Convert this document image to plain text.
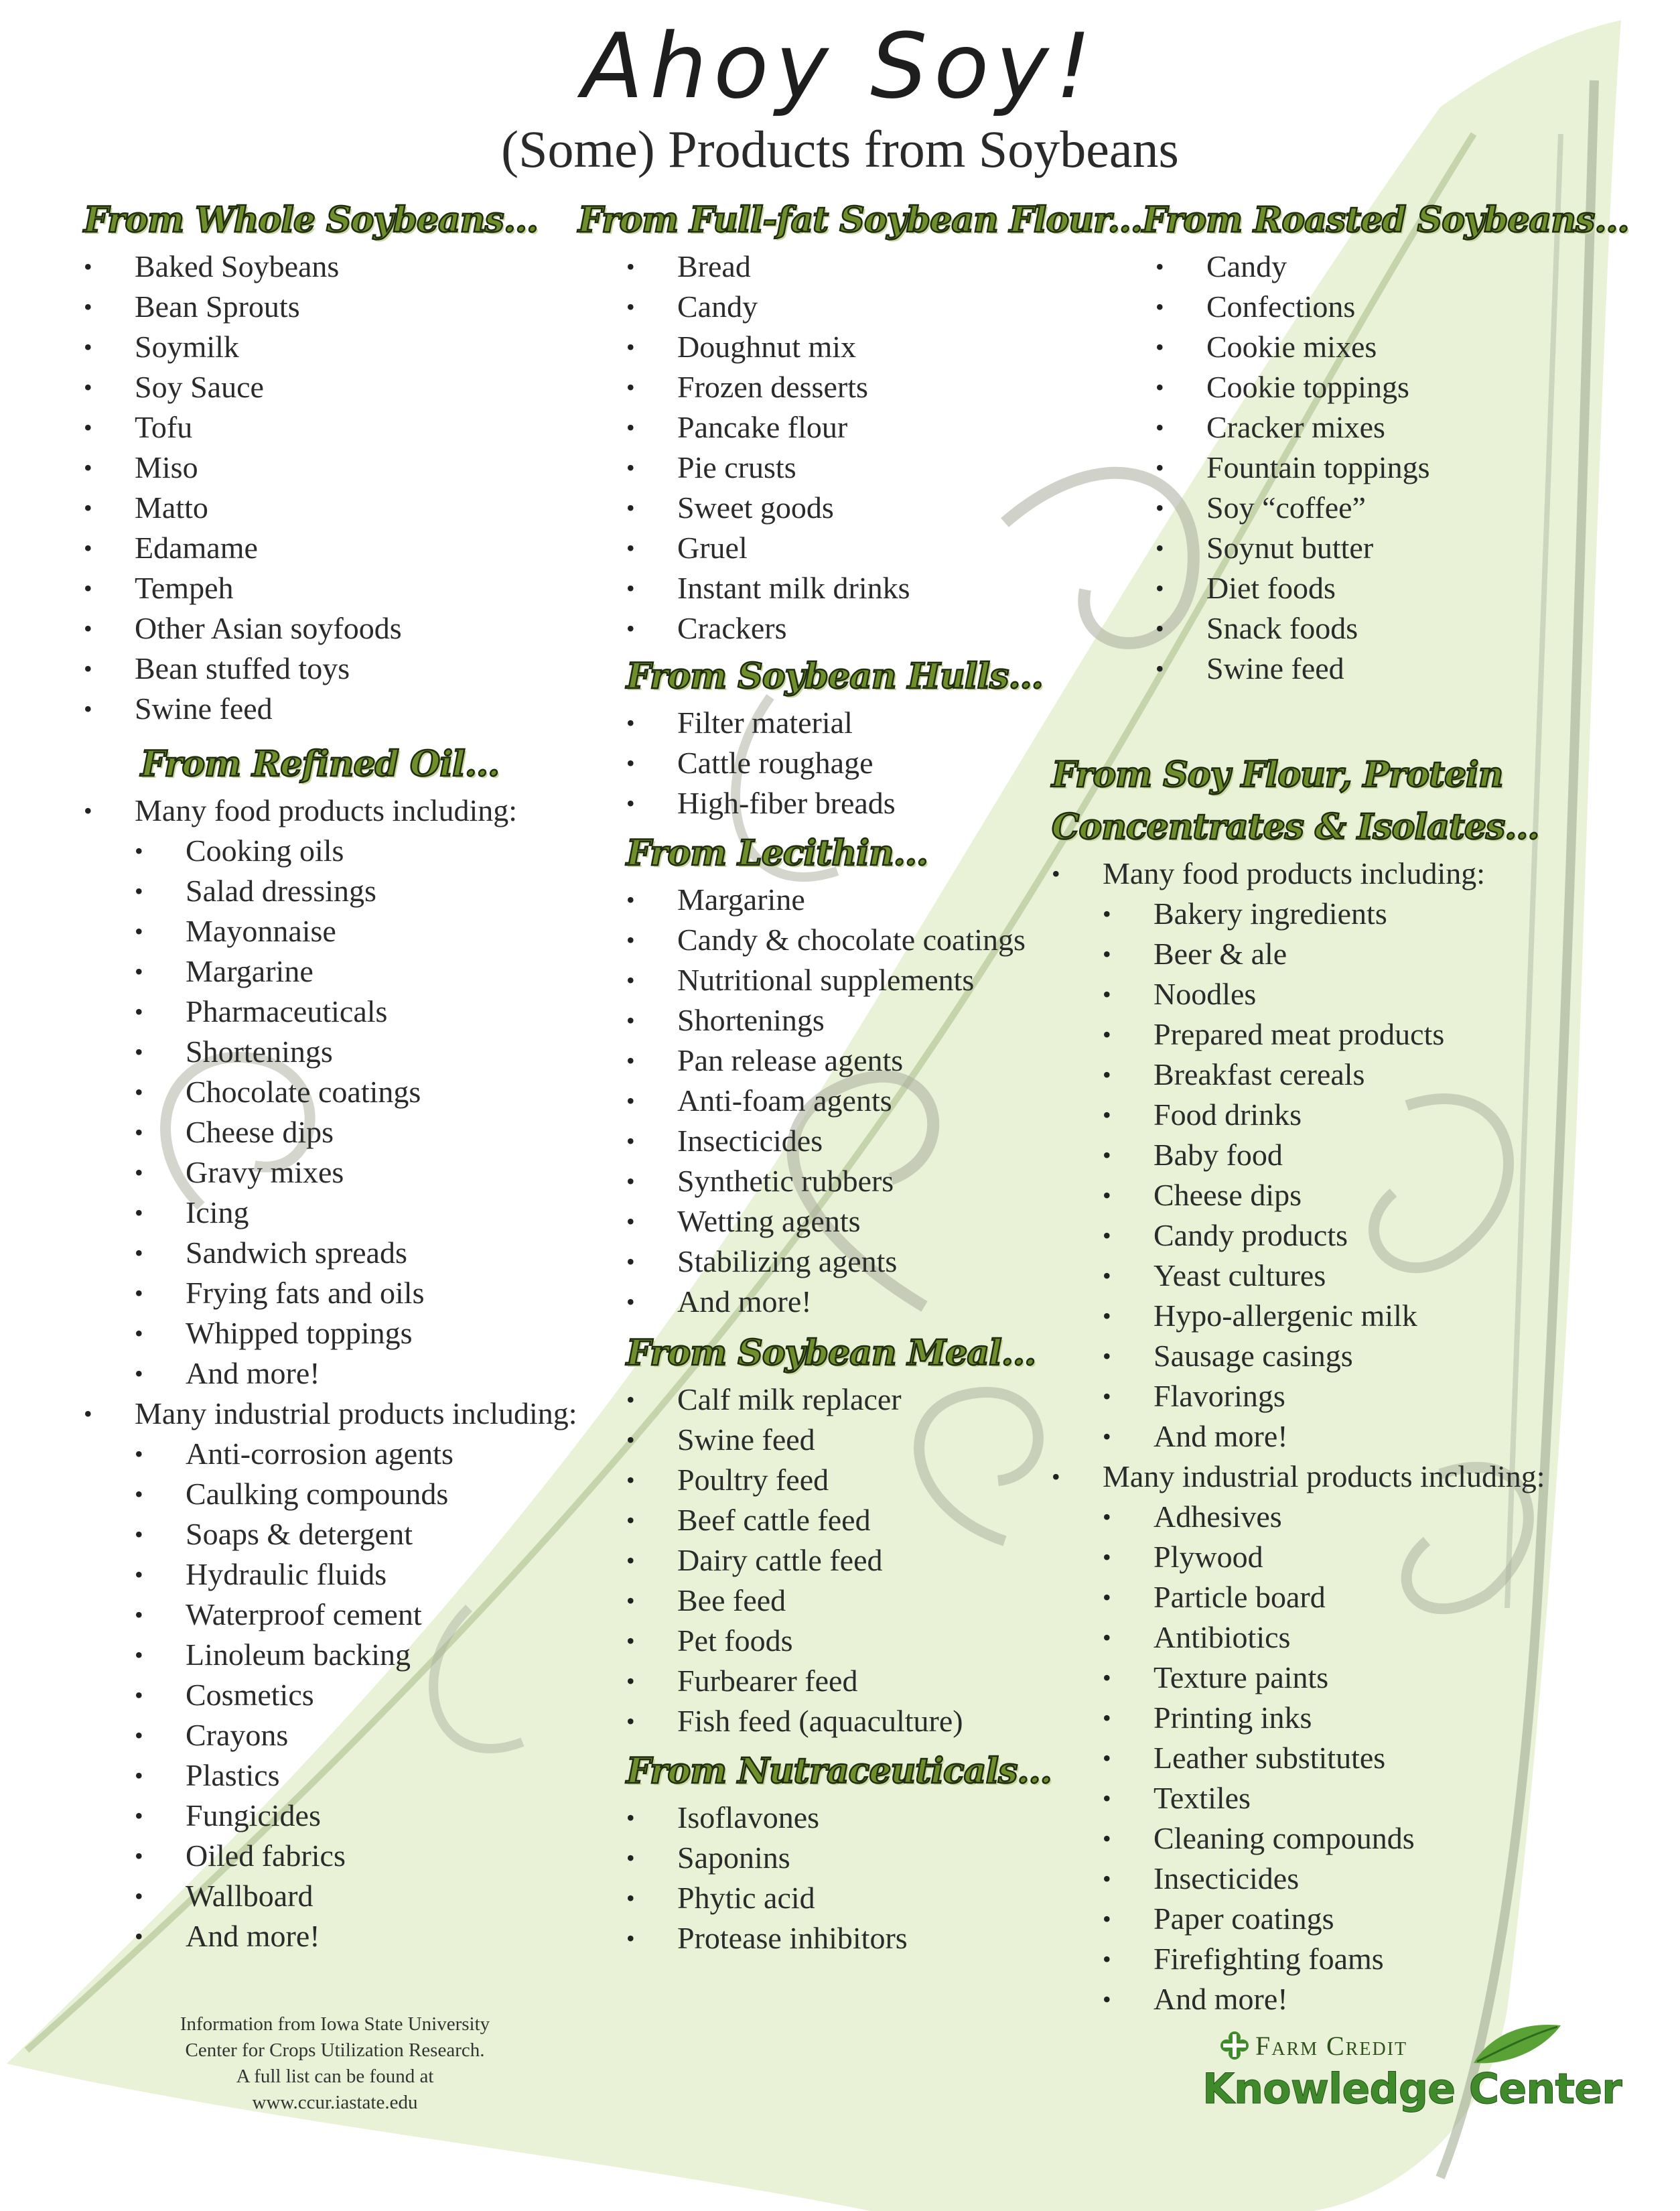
Ahoy Soy!
(Some) Products from Soybeans
From Whole Soybeans...
• Baked Soybeans
• Bean Sprouts
• Soymilk
• Soy Sauce
• Tofu
• Miso
• Matto
• Edamame
• Tempeh
• Other Asian soyfoods
• Bean stuffed toys
• Swine feed
From Refined Oil...
• Many food products including:
• Cooking oils
• Salad dressings
• Mayonnaise
• Margarine
• Pharmaceuticals
• Shortenings
• Chocolate coatings
• Cheese dips
• Gravy mixes
• Icing
• Sandwich spreads
• Frying fats and oils
• Whipped toppings
• And more!
• Many industrial products including:
• Anti-corrosion agents
• Caulking compounds
• Soaps & detergent
• Hydraulic fluids
• Waterproof cement
• Linoleum backing
• Cosmetics
• Crayons
• Plastics
• Fungicides
• Oiled fabrics
• Wallboard
• And more!
From Full-fat Soybean Flour...
• Bread
• Candy
• Doughnut mix
• Frozen desserts
• Pancake flour
• Pie crusts
• Sweet goods
• Gruel
• Instant milk drinks
• Crackers
From Soybean Hulls...
• Filter material
• Cattle roughage
• High-fiber breads
From Lecithin...
• Margarine
• Candy & chocolate coatings
• Nutritional supplements
• Shortenings
• Pan release agents
• Anti-foam agents
• Insecticides
• Synthetic rubbers
• Wetting agents
• Stabilizing agents
• And more!
From Soybean Meal...
• Calf milk replacer
• Swine feed
• Poultry feed
• Beef cattle feed
• Dairy cattle feed
• Bee feed
• Pet foods
• Furbearer feed
• Fish feed (aquaculture)
From Nutraceuticals...
• Isoflavones
• Saponins
• Phytic acid
• Protease inhibitors
From Roasted Soybeans...
• Candy
• Confections
• Cookie mixes
• Cookie toppings
• Cracker mixes
• Fountain toppings
• Soy “coffee”
• Soynut butter
• Diet foods
• Snack foods
• Swine feed
From Soy Flour, Protein
Concentrates & Isolates...
• Many food products including:
• Bakery ingredients
• Beer & ale
• Noodles
• Prepared meat products
• Breakfast cereals
• Food drinks
• Baby food
• Cheese dips
• Candy products
• Yeast cultures
• Hypo-allergenic milk
• Sausage casings
• Flavorings
• And more!
• Many industrial products including:
• Adhesives
• Plywood
• Particle board
• Antibiotics
• Texture paints
• Printing inks
• Leather substitutes
• Textiles
• Cleaning compounds
• Insecticides
• Paper coatings
• Firefighting foams
• And more!
Information from Iowa State University
Center for Crops Utilization Research.
A full list can be found at
www.ccur.iastate.edu
Farm Credit
Knowledge Center
